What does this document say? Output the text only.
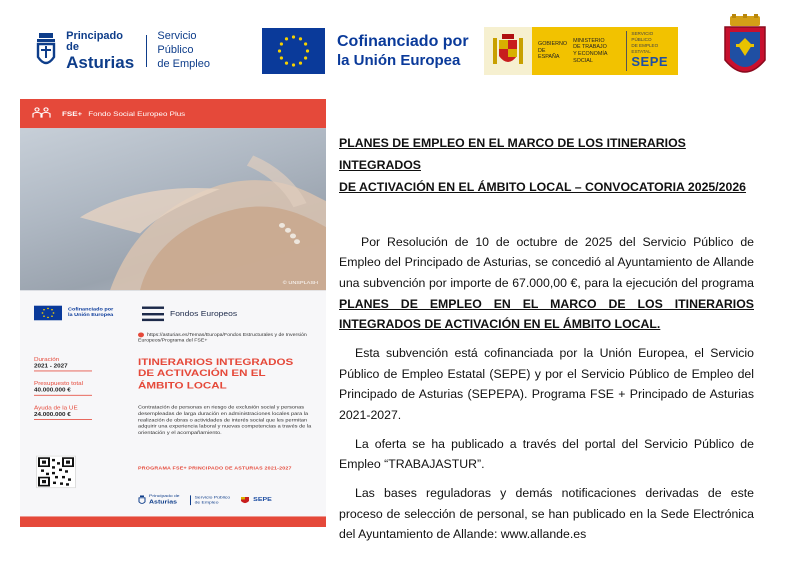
Principado de
Asturias
Servicio Público
de Empleo
Cofinanciado por
la Unión Europea
GOBIERNO
DE ESPAÑA
MINISTERIO
DE TRABAJO
Y ECONOMÍA SOCIAL
SERVICIO PÚBLICO
DE EMPLEO ESTATAL
SEPE
FSE+ Fondo Social Europeo Plus
© UNSPLASH
Cofinanciado por
la Unión Europea	Fondos Europeos
https://asturias.es/Temas/Europa/Fondos Estructurales y de Inversión Europeos/Programa del FSE+
Duración
2021 - 2027
Presupuesto total
40.000.000 €
Ayuda de la UE
24.000.000 €
ITINERARIOS INTEGRADOS
DE ACTIVACIÓN EN EL
ÁMBITO LOCAL
Contratación de personas en riesgo de exclusión social y personas desempleadas de larga duración en administraciones locales para la realización de obras o actividades de interés social que les permitan adquirir una experiencia laboral y nuevas competencias a través de la orientación y el acompañamiento.
PROGRAMA FSE+ PRINCIPADO DE ASTURIAS 2021-2027
Principado de
Asturias
Servicio Público
de Empleo	SEPE
PLANES DE EMPLEO EN EL MARCO DE LOS ITINERARIOS INTEGRADOS
DE ACTIVACIÓN EN EL ÁMBITO LOCAL – CONVOCATORIA 2025/2026

Por Resolución de 10 de octubre de 2025 del Servicio Público de Empleo del Principado de Asturias, se concedió al Ayuntamiento de Allande una subvención por importe de 67.000,00 €, para la ejecución del programa PLANES DE EMPLEO EN EL MARCO DE LOS ITINERARIOS INTEGRADOS DE ACTIVACIÓN EN EL ÁMBITO LOCAL.

Esta subvención está cofinanciada por la Unión Europea, el Servicio Público de Empleo Estatal (SEPE) y por el Servicio Público de Empleo del Principado de Asturias (SEPEPA). Programa FSE + Principado de Asturias 2021-2027.

La oferta se ha publicado a través del portal del Servicio Público de Empleo “TRABAJASTUR”.

Las bases reguladoras y demás notificaciones derivadas de este proceso de selección de personal, se han publicado en la Sede Electrónica del Ayuntamiento de Allande: www.allande.es
